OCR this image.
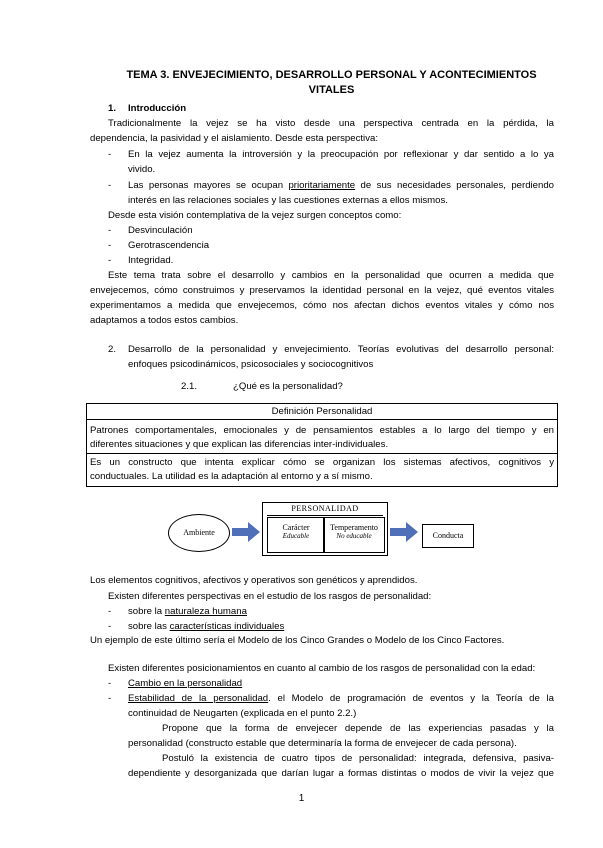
TEMA 3. ENVEJECIMIENTO, DESARROLLO PERSONAL Y ACONTECIMIENTOS
VITALES
1. Introducción
Tradicionalmente la vejez se ha visto desde una perspectiva centrada en la pérdida, la
dependencia, la pasividad y el aislamiento. Desde esta perspectiva:
- En la vejez aumenta la introversión y la preocupación por reflexionar y dar sentido a lo ya
vivido.
- Las personas mayores se ocupan prioritariamente de sus necesidades personales, perdiendo
interés en las relaciones sociales y las cuestiones externas a ellos mismos.
Desde esta visión contemplativa de la vejez surgen conceptos como:
- Desvinculación
- Gerotrascendencia
- Integridad.
Este tema trata sobre el desarrollo y cambios en la personalidad que ocurren a medida que
envejecemos, cómo construimos y preservamos la identidad personal en la vejez, qué eventos vitales
experimentamos a medida que envejecemos, cómo nos afectan dichos eventos vitales y cómo nos
adaptamos a todos estos cambios.
2. Desarrollo de la personalidad y envejecimiento. Teorías evolutivas del desarrollo personal:
enfoques psicodinámicos, psicosociales y sociocognitivos
2.1.	¿Qué es la personalidad?
Definición Personalidad
Patrones comportamentales, emocionales y de pensamientos estables a lo largo del tiempo y en
diferentes situaciones y que explican las diferencias inter-individuales.
Es un constructo que intenta explicar cómo se organizan los sistemas afectivos, cognitivos y
conductuales. La utilidad es la adaptación al entorno y a sí mismo.
Ambiente
PERSONALIDAD
Carácter
Educable
Temperamento
No educable	Conducta
Los elementos cognitivos, afectivos y operativos son genéticos y aprendidos.
Existen diferentes perspectivas en el estudio de los rasgos de personalidad:
- sobre la naturaleza humana
- sobre las características individuales
Un ejemplo de este último sería el Modelo de los Cinco Grandes o Modelo de los Cinco Factores.
Existen diferentes posicionamientos en cuanto al cambio de los rasgos de personalidad con la edad:
- Cambio en la personalidad
- Estabilidad de la personalidad. el Modelo de programación de eventos y la Teoría de la
continuidad de Neugarten (explicada en el punto 2.2.)
Propone que la forma de envejecer depende de las experiencias pasadas y la
personalidad (constructo estable que determinaría la forma de envejecer de cada persona).
Postuló la existencia de cuatro tipos de personalidad: integrada, defensiva, pasiva-
dependiente y desorganizada que darían lugar a formas distintas o modos de vivir la vejez que
1
